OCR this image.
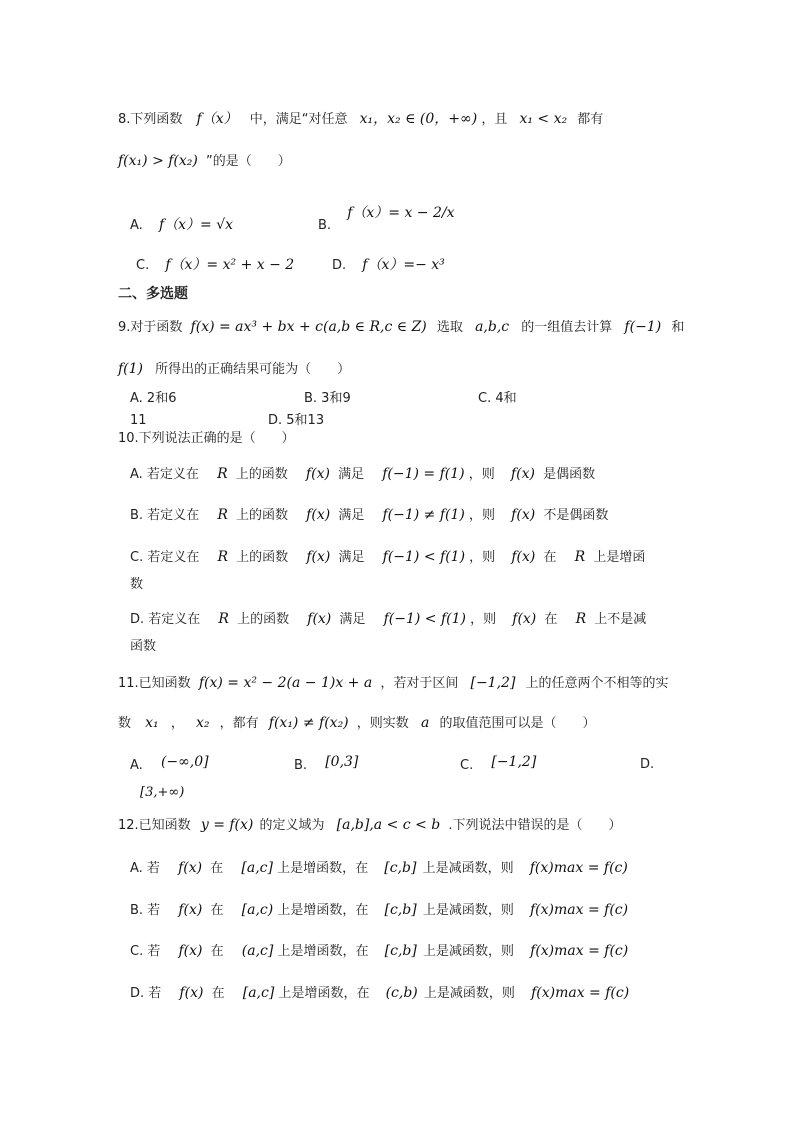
8.下列函数 f（x） 中，满足“对任意 x₁，x₂ ∈ (0，+∞) ，且 x₁ < x₂ 都有
f(x₁) > f(x₂) ”的是（　　）
A. f（x）= √x	B. f（x）= x − 2/x
C. f（x）= x² + x − 2	D. f（x）=− x³
二、多选题
9.对于函数 f(x) = ax³ + bx + c(a,b ∈ R,c ∈ Z) 选取 a,b,c 的一组值去计算 f(−1) 和
f(1) 所得出的正确结果可能为（　　）
A. 2和6	B. 3和9	C. 4和
11	D. 5和13
10.下列说法正确的是（　　）
A. 若定义在 R 上的函数 f(x) 满足 f(−1) = f(1) ，则 f(x) 是偶函数
B. 若定义在 R 上的函数 f(x) 满足 f(−1) ≠ f(1) ，则 f(x) 不是偶函数
C. 若定义在 R 上的函数 f(x) 满足 f(−1) < f(1) ，则 f(x) 在 R 上是增函
数
D. 若定义在 R 上的函数 f(x) 满足 f(−1) < f(1) ，则 f(x) 在 R 上不是减
函数
11.已知函数 f(x) = x² − 2(a − 1)x + a ，若对于区间 [−1,2] 上的任意两个不相等的实
数 x₁ ， x₂ ，都有 f(x₁) ≠ f(x₂) ，则实数 a 的取值范围可以是（　　）
A. (−∞,0]	B. [0,3]	C. [−1,2]	D.
[3,+∞)
12.已知函数 y = f(x) 的定义域为 [a,b],a < c < b .下列说法中错误的是（　　）
A. 若 f(x) 在 [a,c] 上是增函数，在 [c,b] 上是减函数，则 f(x)max = f(c)
B. 若 f(x) 在 [a,c) 上是增函数，在 [c,b] 上是减函数，则 f(x)max = f(c)
C. 若 f(x) 在 (a,c] 上是增函数，在 [c,b] 上是减函数，则 f(x)max = f(c)
D. 若 f(x) 在 [a,c] 上是增函数，在 (c,b) 上是减函数，则 f(x)max = f(c)
